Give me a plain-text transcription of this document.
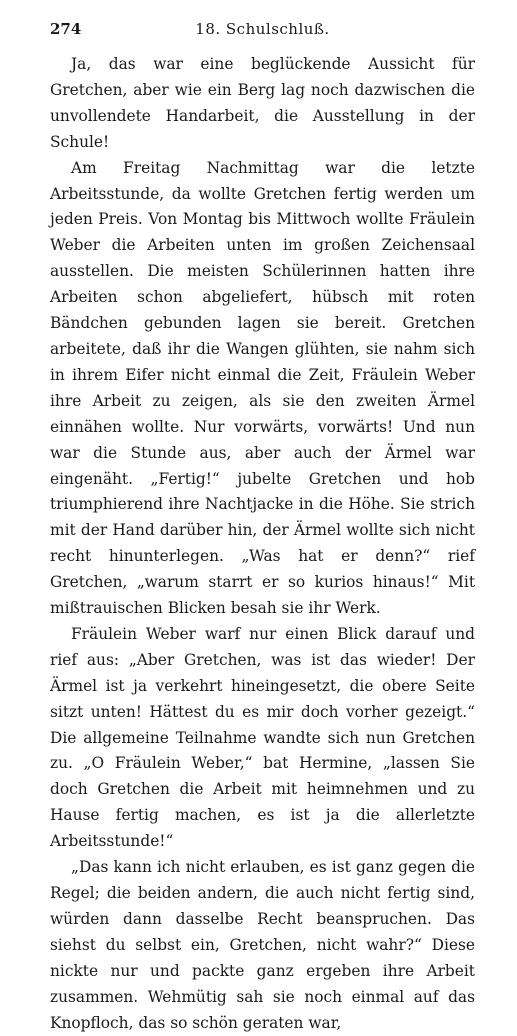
274	18. Schulschluß.

Ja, das war eine beglückende Aussicht für Gretchen, aber wie ein Berg lag noch dazwischen die unvollendete Handarbeit, die Ausstellung in der Schule!

Am Freitag Nachmittag war die letzte Arbeitsstunde, da wollte Gretchen fertig werden um jeden Preis. Von Montag bis Mittwoch wollte Fräulein Weber die Arbeiten unten im großen Zeichensaal ausstellen. Die meisten Schülerinnen hatten ihre Arbeiten schon abgeliefert, hübsch mit roten Bändchen gebunden lagen sie bereit. Gretchen arbeitete, daß ihr die Wangen glühten, sie nahm sich in ihrem Eifer nicht einmal die Zeit, Fräulein Weber ihre Arbeit zu zeigen, als sie den zweiten Ärmel einnähen wollte. Nur vorwärts, vorwärts! Und nun war die Stunde aus, aber auch der Ärmel war eingenäht. „Fertig!“ jubelte Gretchen und hob triumphierend ihre Nachtjacke in die Höhe. Sie strich mit der Hand darüber hin, der Ärmel wollte sich nicht recht hinunterlegen. „Was hat er denn?“ rief Gretchen, „warum starrt er so kurios hinaus!“ Mit mißtrauischen Blicken besah sie ihr Werk.

Fräulein Weber warf nur einen Blick darauf und rief aus: „Aber Gretchen, was ist das wieder! Der Ärmel ist ja verkehrt hineingesetzt, die obere Seite sitzt unten! Hättest du es mir doch vorher gezeigt.“ Die allgemeine Teilnahme wandte sich nun Gretchen zu. „O Fräulein Weber,“ bat Hermine, „lassen Sie doch Gretchen die Arbeit mit heimnehmen und zu Hause fertig machen, es ist ja die allerletzte Arbeitsstunde!“

„Das kann ich nicht erlauben, es ist ganz gegen die Regel; die beiden andern, die auch nicht fertig sind, würden dann dasselbe Recht beanspruchen. Das siehst du selbst ein, Gretchen, nicht wahr?“ Diese nickte nur und packte ganz ergeben ihre Arbeit zusammen. Wehmütig sah sie noch einmal auf das Knopfloch, das so schön geraten war,
